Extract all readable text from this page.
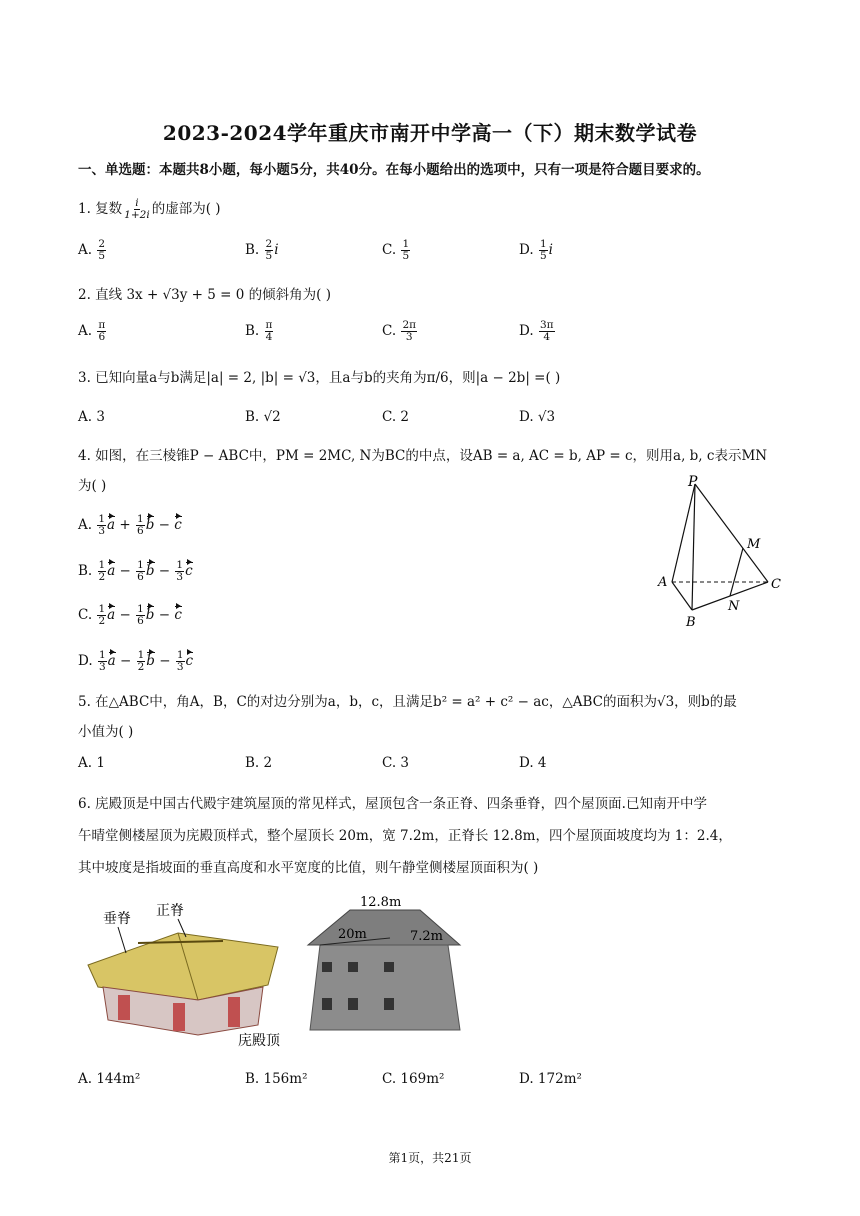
2023-2024学年重庆市南开中学高一（下）期末数学试卷
一、单选题：本题共8小题，每小题5分，共40分。在每小题给出的选项中，只有一项是符合题目要求的。
1. 复数 $\frac{i}{1+2i}$ 的虚部为( )
A. $\frac{2}{5}$	B. $\frac{2}{5}$ i	C. $\frac{1}{5}$	D. $\frac{1}{5}$ i
2. 直线 3x + √3y + 5 = 0 的倾斜角为( )
A. $\frac{\pi}{6}$	B. $\frac{\pi}{4}$	C. $\frac{2\pi}{3}$	D. $\frac{3\pi}{4}$
3. 已知向量a与b满足|a| = 2, |b| = √3，且a与b的夹角为π/6，则|a − 2b| =( )
A. 3	B. √2	C. 2	D. √3
4. 如图，在三棱锥P − ABC中，PM = 2MC, N为BC的中点，设AB = a, AC = b, AP = c，则用a, b, c表示MN
为( )
A. $\frac{1}{3}$ $a + \frac{1}{6}$ b − c
B. $\frac{1}{2}$ $a - \frac{1}{6}$ $b - \frac{1}{3}$ c
C. $\frac{1}{2}$ $a - \frac{1}{6}$ b − c
D. $\frac{1}{3}$ $a - \frac{1}{2}$ $b - \frac{1}{3}$ c
P
M
A	C
N
B
5. 在△ABC中，角A，B，C的对边分别为a，b，c，且满足b² = a² + c² − ac，△ABC的面积为√3，则b的最
小值为( )
A. 1	B. 2	C. 3	D. 4
6. 庑殿顶是中国古代殿宇建筑屋顶的常见样式，屋顶包含一条正脊、四条垂脊，四个屋顶面.已知南开中学
午晴堂侧楼屋顶为庑殿顶样式，整个屋顶长 20m，宽 7.2m，正脊长 12.8m，四个屋顶面坡度均为 1：2.4，
其中坡度是指坡面的垂直高度和水平宽度的比值，则午静堂侧楼屋顶面积为( )
垂脊 正脊
庑殿顶
12.8m
20m	7.2m
A. 144m²	B. 156m²	C. 169m²	D. 172m²
第1页，共21页
